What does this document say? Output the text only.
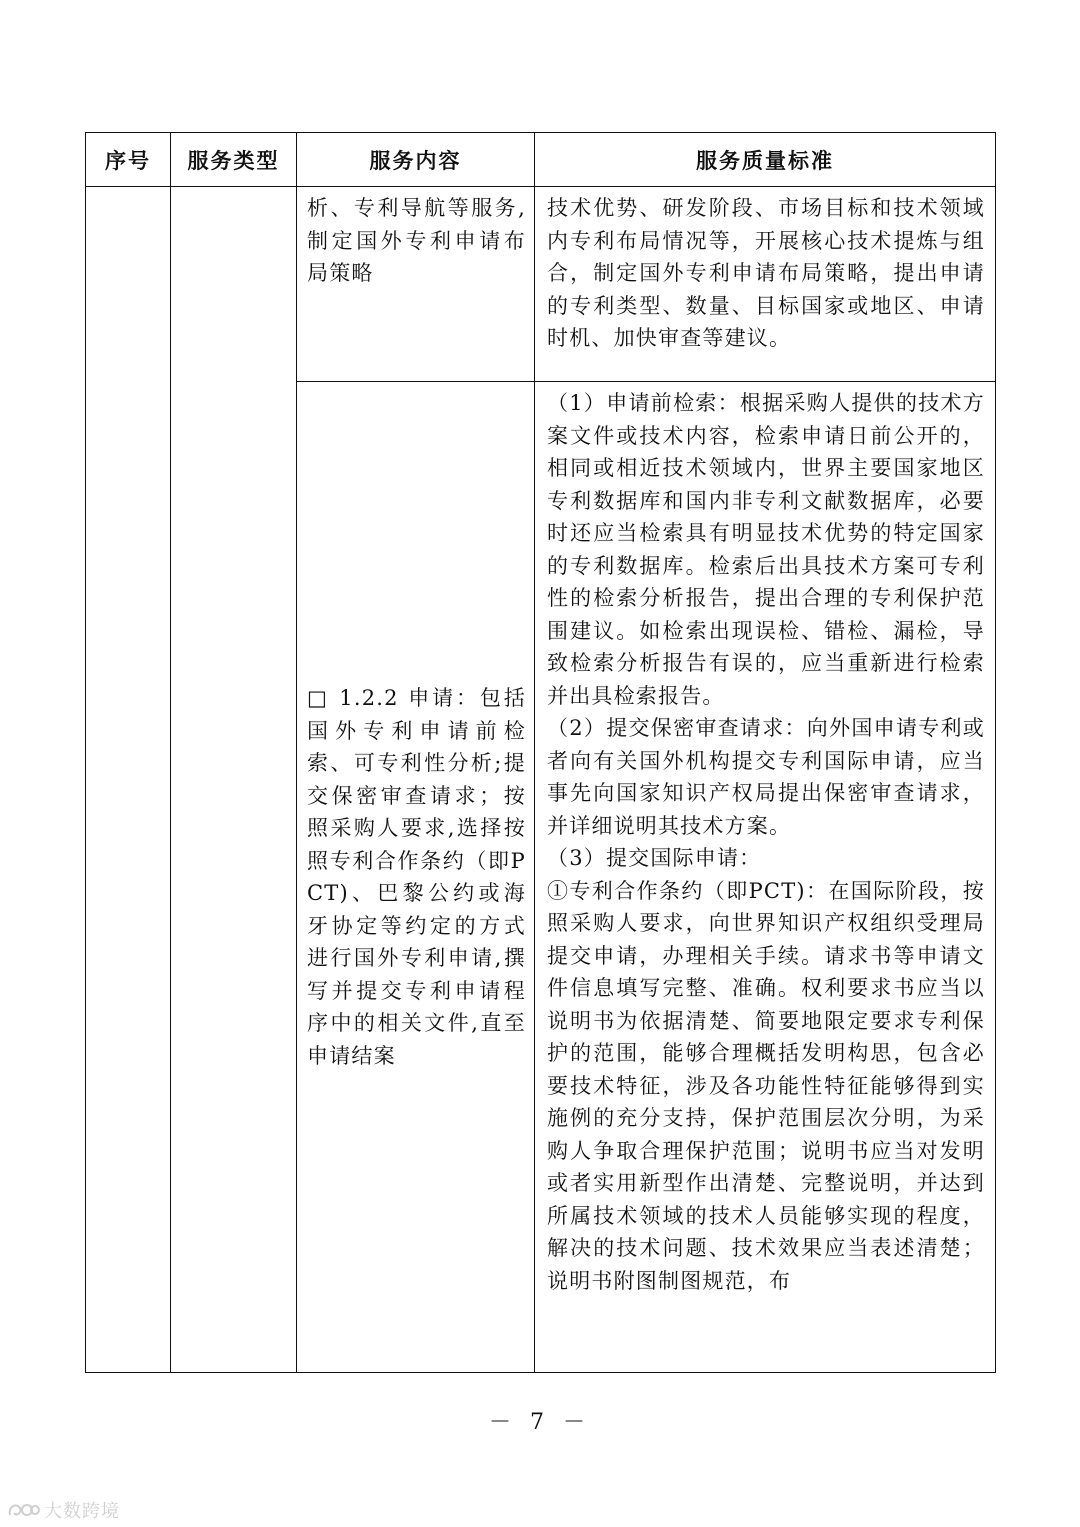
序号	服务类型	服务内容	服务质量标准

		析、专利导航等服务,制定国外专利申请布局策略	技术优势、研发阶段、市场目标和技术领域内专利布局情况等，开展核心技术提炼与组合，制定国外专利申请布局策略，提出申请的专利类型、数量、目标国家或地区、申请时机、加快审查等建议。

		□ 1.2.2 申请：包括国外专利申请前检索、可专利性分析;提交保密审查请求；按照采购人要求,选择按照专利合作条约（即PCT)、巴黎公约或海牙协定等约定的方式进行国外专利申请,撰写并提交专利申请程序中的相关文件,直至申请结案	（1）申请前检索：根据采购人提供的技术方案文件或技术内容，检索申请日前公开的，相同或相近技术领域内，世界主要国家地区专利数据库和国内非专利文献数据库，必要时还应当检索具有明显技术优势的特定国家的专利数据库。检索后出具技术方案可专利性的检索分析报告，提出合理的专利保护范围建议。如检索出现误检、错检、漏检，导致检索分析报告有误的，应当重新进行检索并出具检索报告。
（2）提交保密审查请求：向外国申请专利或者向有关国外机构提交专利国际申请，应当事先向国家知识产权局提出保密审查请求，并详细说明其技术方案。
（3）提交国际申请：
①专利合作条约（即PCT)：在国际阶段，按照采购人要求，向世界知识产权组织受理局提交申请，办理相关手续。请求书等申请文件信息填写完整、准确。权利要求书应当以说明书为依据清楚、简要地限定要求专利保护的范围，能够合理概括发明构思，包含必要技术特征，涉及各功能性特征能够得到实施例的充分支持，保护范围层次分明，为采购人争取合理保护范围；说明书应当对发明或者实用新型作出清楚、完整说明，并达到所属技术领域的技术人员能够实现的程度，解决的技术问题、技术效果应当表述清楚；说明书附图制图规范，布
－ 7 －
大数跨境
